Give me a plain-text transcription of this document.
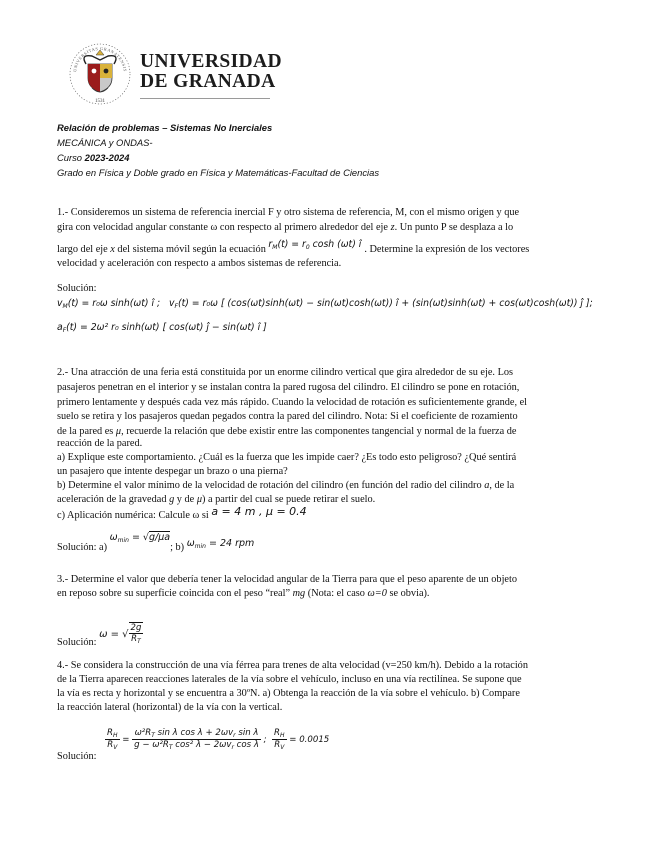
1531
UNIVERSITAS GRANATENSIS UNIVERSIDAD
DE GRANADA
Relación de problemas – Sistemas No Inerciales
MECÁNICA y ONDAS-
Curso 2023-2024
Grado en Física y Doble grado en Física y Matemáticas-Facultad de Ciencias
1.- Consideremos un sistema de referencia inercial F y otro sistema de referencia, M, con el mismo origen y que
gira con velocidad angular constante ω con respecto al primero alrededor del eje z. Un punto P se desplaza a lo
largo del eje x del sistema móvil según la ecuación $r_M(t) = r_0$ cosh (ωt) î . Determine la expresión de los vectores
velocidad y aceleración con respecto a ambos sistemas de referencia.
Solución:
$v_M(t) = r_0\omega$ sinh(ωt) î ;   $v_F(t) = r_0\omega$ [ (cos(ωt)sinh(ωt) − sin(ωt)cosh(ωt)) î + (sin(ωt)sinh(ωt) + cos(ωt)cosh(ωt)) ĵ ];
$a_F(t) = 2\omega^2$ r₀ sinh(ωt) [ cos(ωt) ĵ − sin(ωt) î ]
2.- Una atracción de una feria está constituida por un enorme cilindro vertical que gira alrededor de su eje. Los
pasajeros penetran en el interior y se instalan contra la pared rugosa del cilindro. El cilindro se pone en rotación,
primero lentamente y después cada vez más rápido. Cuando la velocidad de rotación es suficientemente grande, el
suelo se retira y los pasajeros quedan pegados contra la pared del cilindro. Nota: Si el coeficiente de rozamiento
de la pared es μ, recuerde la relación que debe existir entre las componentes tangencial y normal de la fuerza de
reacción de la pared.
a) Explique este comportamiento. ¿Cuál es la fuerza que les impide caer? ¿Es todo esto peligroso? ¿Qué sentirá
un pasajero que intente despegar un brazo o una pierna?
b) Determine el valor mínimo de la velocidad de rotación del cilindro (en función del radio del cilindro a, de la
aceleración de la gravedad g y de μ) a partir del cual se puede retirar el suelo.
c) Aplicación numérica: Calcule ω si a = 4 m , μ = 0.4
Solución: a) $\omega_{min} = √g/\mu a$; b) $\omega_{min} = 24$ rpm
3.- Determine el valor que debería tener la velocidad angular de la Tierra para que el peso aparente de un objeto
en reposo sobre su superficie coincida con el peso “real” mg (Nota: el caso ω=0 se obvia).
Solución: ω = √ $\frac{2g}{R_T}$
4.- Se considera la construcción de una vía férrea para trenes de alta velocidad (v=250 km/h). Debido a la rotación
de la Tierra aparecen reacciones laterales de la vía sobre el vehículo, incluso en una vía rectilínea. Se supone que
la vía es recta y horizontal y se encuentra a 30ºN. a) Obtenga la reacción de la vía sobre el vehículo. b) Compare
la reacción lateral (horizontal) de la vía con la vertical.
Solución:
$\frac{R_H}{R_V} = \frac{\omega^2R_T \sin \lambda \cos \lambda + 2\omega v_r \sin \lambda}{g - \omega^2R_T \cos^2 \lambda - 2\omega v_r \cos \lambda}$ ; $\frac{R_H}{R_V} = 0.0015$
